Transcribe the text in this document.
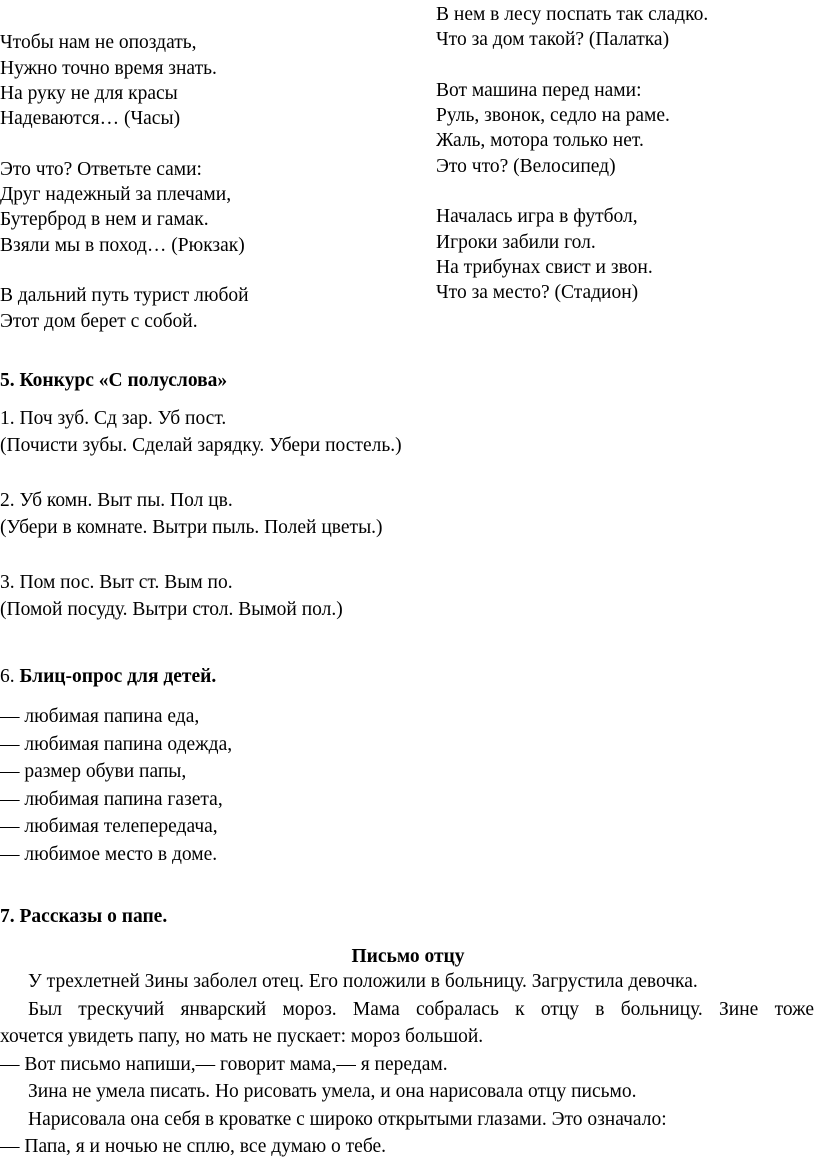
Чтобы нам не опоздать,
Нужно точно время знать.
На руку не для красы
Надеваются… (Часы)
Это что? Ответьте сами:
Друг надежный за плечами,
Бутерброд в нем и гамак.
Взяли мы в поход… (Рюкзак)
В дальний путь турист любой
Этот дом берет с собой.
В нем в лесу поспать так сладко.
Что за дом такой? (Палатка)
Вот машина перед нами:
Руль, звонок, седло на раме.
Жаль, мотора только нет.
Это что? (Велосипед)
Началась игра в футбол,
Игроки забили гол.
На трибунах свист и звон.
Что за место? (Стадион)
5. Конкурс «С полуслова»
1. Поч зуб. Сд зар. Уб пост.
(Почисти зубы. Сделай зарядку. Убери постель.)
2. Уб комн. Выт пы. Пол цв.
(Убери в комнате. Вытри пыль. Полей цветы.)
3. Пом пос. Выт ст. Вым по.
(Помой посуду. Вытри стол. Вымой пол.)
6. Блиц-опрос для детей.
— любимая папина еда,
— любимая папина одежда,
— размер обуви папы,
— любимая папина газета,
— любимая телепередача,
— любимое место в доме.
7. Рассказы о папе.
Письмо отцу
У трехлетней Зины заболел отец. Его положили в больницу. Загрустила девочка.
Был трескучий январский мороз. Мама собралась к отцу в больницу. Зине тоже
хочется увидеть папу, но мать не пускает: мороз большой.
— Вот письмо напиши,— говорит мама,— я передам.
Зина не умела писать. Но рисовать умела, и она нарисовала отцу письмо.
Нарисовала она себя в кроватке с широко открытыми глазами. Это означало:
— Папа, я и ночью не сплю, все думаю о тебе.
